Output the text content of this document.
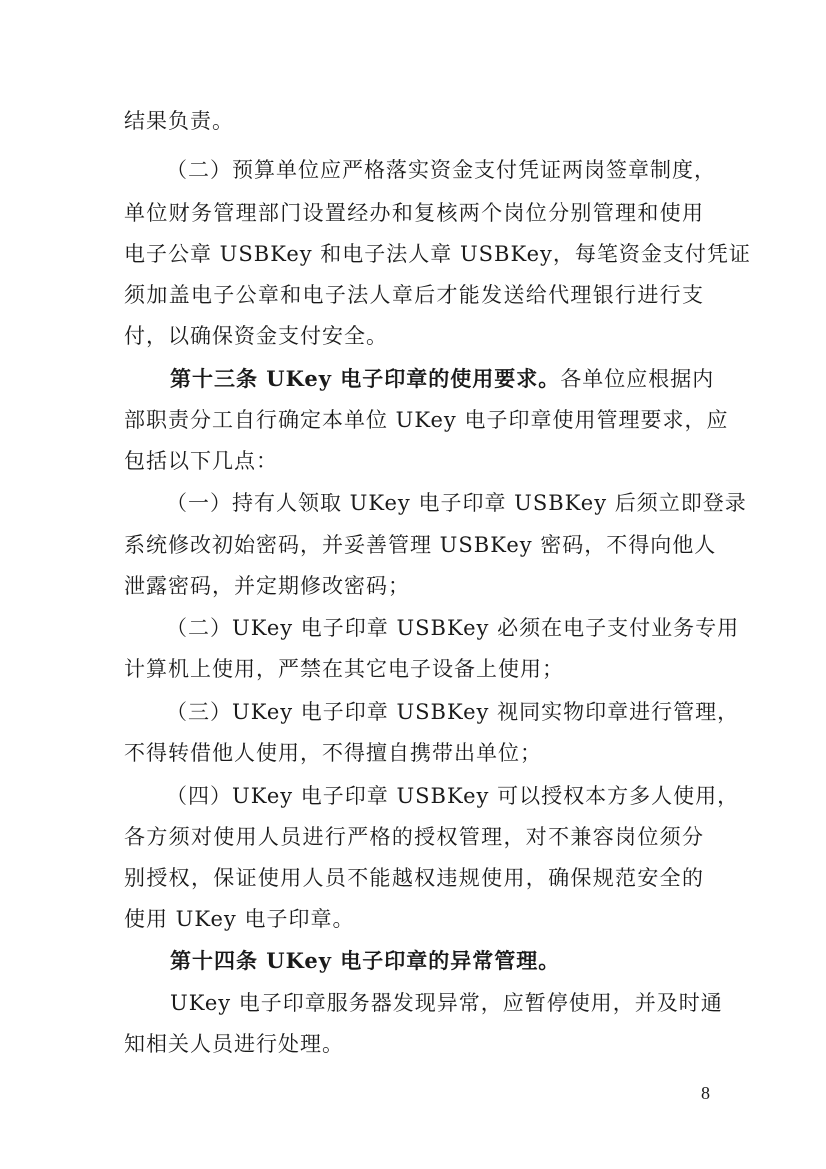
结果负责。
（二）预算单位应严格落实资金支付凭证两岗签章制度，
单位财务管理部门设置经办和复核两个岗位分别管理和使用
电子公章 USBKey 和电子法人章 USBKey，每笔资金支付凭证
须加盖电子公章和电子法人章后才能发送给代理银行进行支
付，以确保资金支付安全。
第十三条 UKey 电子印章的使用要求。各单位应根据内
部职责分工自行确定本单位 UKey 电子印章使用管理要求，应
包括以下几点：
（一）持有人领取 UKey 电子印章 USBKey 后须立即登录
系统修改初始密码，并妥善管理 USBKey 密码，不得向他人
泄露密码，并定期修改密码；
（二）UKey 电子印章 USBKey 必须在电子支付业务专用
计算机上使用，严禁在其它电子设备上使用；
（三）UKey 电子印章 USBKey 视同实物印章进行管理，
不得转借他人使用，不得擅自携带出单位；
（四）UKey 电子印章 USBKey 可以授权本方多人使用，
各方须对使用人员进行严格的授权管理，对不兼容岗位须分
别授权，保证使用人员不能越权违规使用，确保规范安全的
使用 UKey 电子印章。
第十四条 UKey 电子印章的异常管理。
UKey 电子印章服务器发现异常，应暂停使用，并及时通
知相关人员进行处理。
8
